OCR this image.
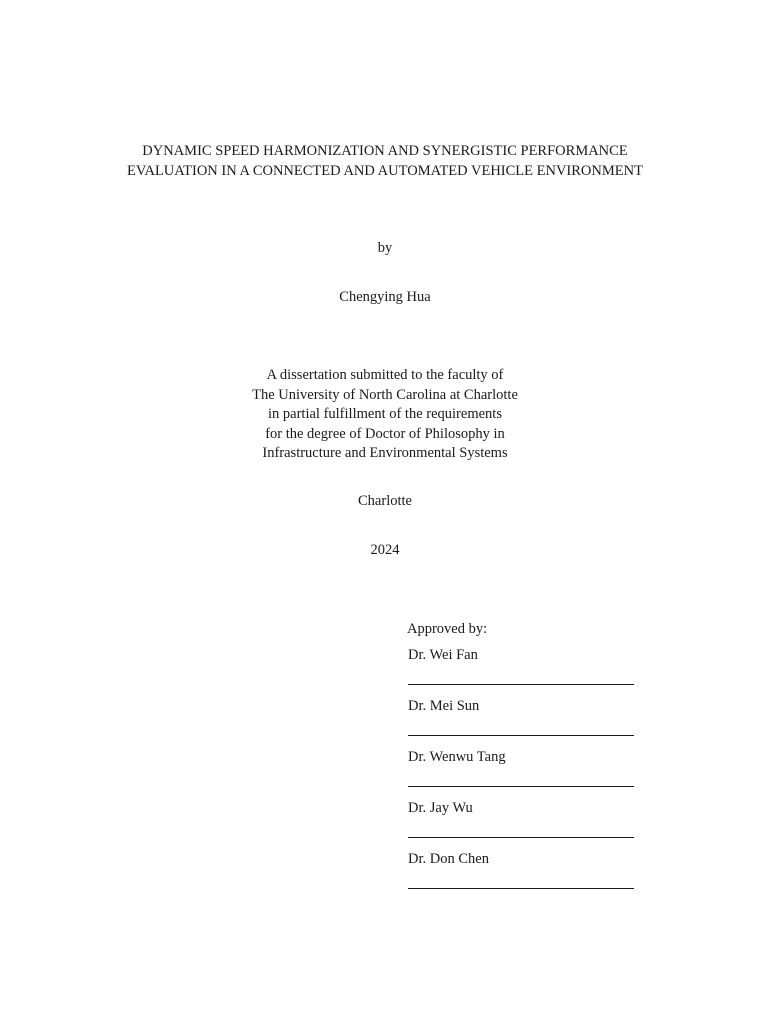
DYNAMIC SPEED HARMONIZATION AND SYNERGISTIC PERFORMANCE
EVALUATION IN A CONNECTED AND AUTOMATED VEHICLE ENVIRONMENT
by
Chengying Hua
A dissertation submitted to the faculty of
The University of North Carolina at Charlotte
in partial fulfillment of the requirements
for the degree of Doctor of Philosophy in
Infrastructure and Environmental Systems
Charlotte
2024
Approved by:
Dr. Wei Fan
Dr. Mei Sun
Dr. Wenwu Tang
Dr. Jay Wu
Dr. Don Chen
